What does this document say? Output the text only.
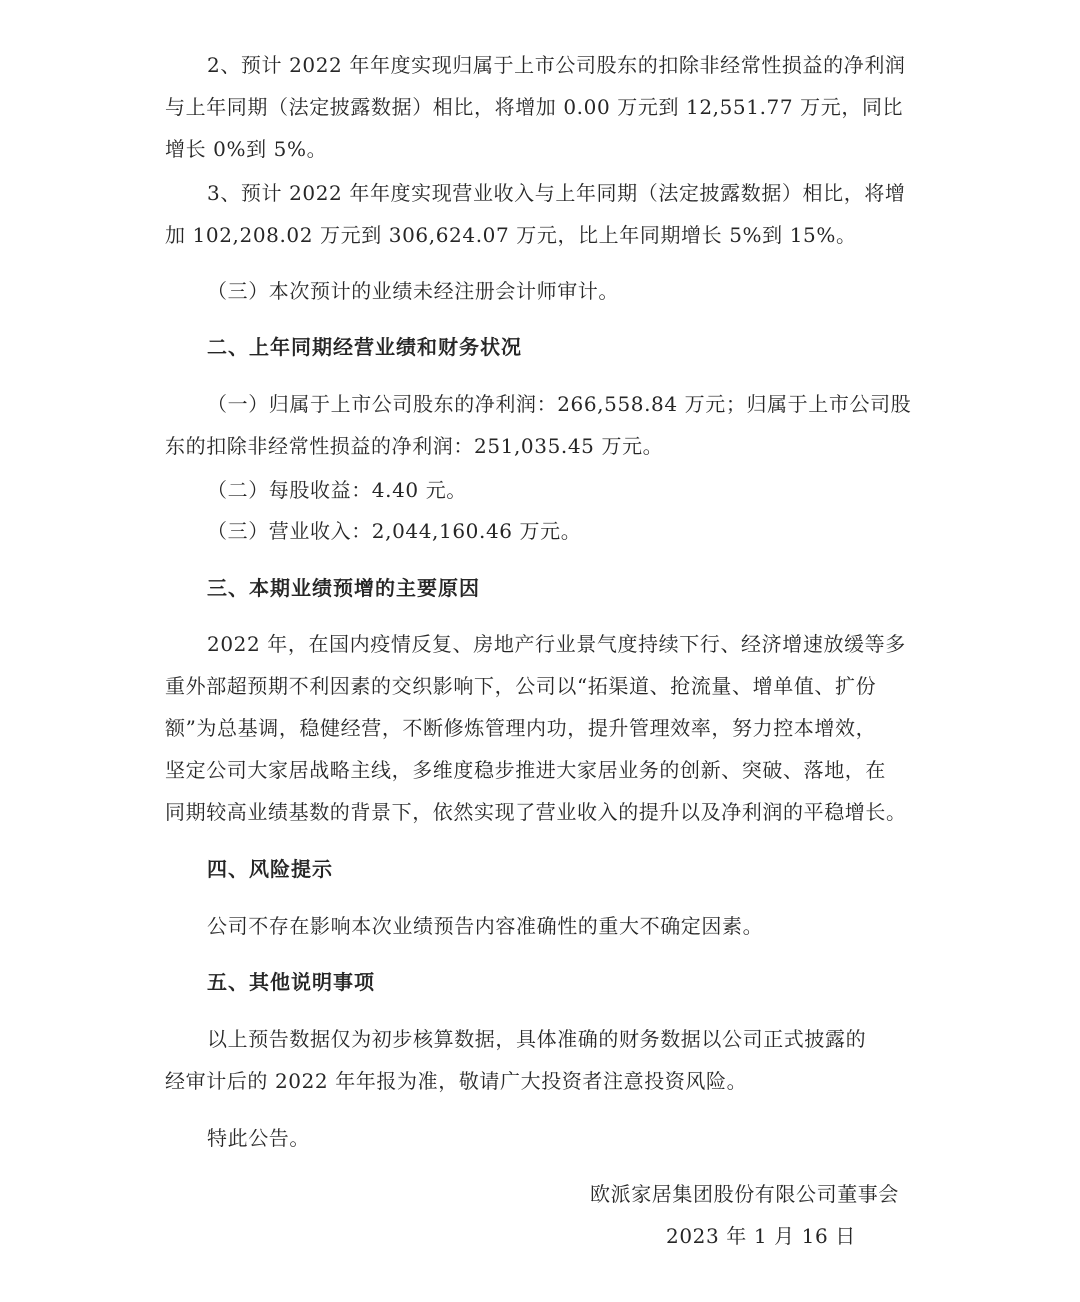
2、预计 2022 年年度实现归属于上市公司股东的扣除非经常性损益的净利润
与上年同期（法定披露数据）相比，将增加 0.00 万元到 12,551.77 万元，同比
增长 0%到 5%。
3、预计 2022 年年度实现营业收入与上年同期（法定披露数据）相比，将增
加 102,208.02 万元到 306,624.07 万元，比上年同期增长 5%到 15%。
（三）本次预计的业绩未经注册会计师审计。
二、上年同期经营业绩和财务状况
（一）归属于上市公司股东的净利润：266,558.84 万元；归属于上市公司股
东的扣除非经常性损益的净利润：251,035.45 万元。
（二）每股收益：4.40 元。
（三）营业收入：2,044,160.46 万元。
三、本期业绩预增的主要原因
2022 年，在国内疫情反复、房地产行业景气度持续下行、经济增速放缓等多
重外部超预期不利因素的交织影响下，公司以“拓渠道、抢流量、增单值、扩份
额”为总基调，稳健经营，不断修炼管理内功，提升管理效率，努力控本增效，
坚定公司大家居战略主线，多维度稳步推进大家居业务的创新、突破、落地，在
同期较高业绩基数的背景下，依然实现了营业收入的提升以及净利润的平稳增长。
四、风险提示
公司不存在影响本次业绩预告内容准确性的重大不确定因素。
五、其他说明事项
以上预告数据仅为初步核算数据，具体准确的财务数据以公司正式披露的
经审计后的 2022 年年报为准，敬请广大投资者注意投资风险。
特此公告。
欧派家居集团股份有限公司董事会
2023 年 1 月 16 日
